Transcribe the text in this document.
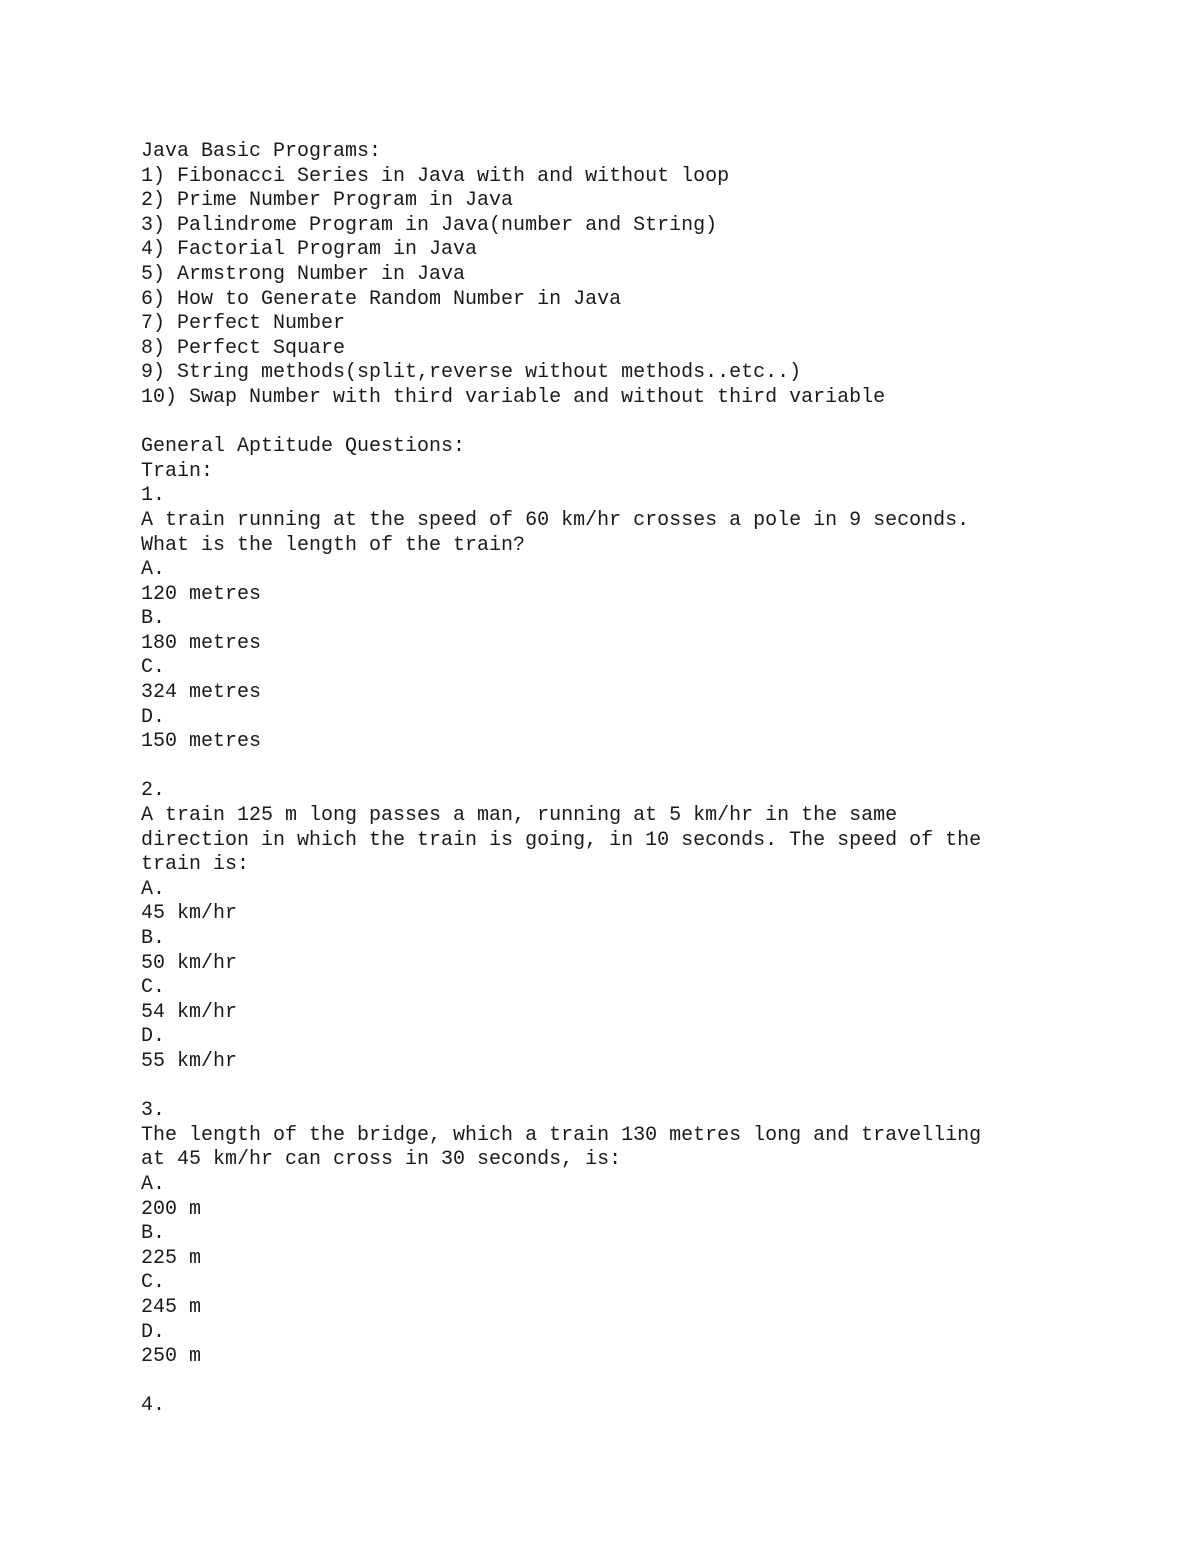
Java Basic Programs:

1) Fibonacci Series in Java with and without loop

2) Prime Number Program in Java

3) Palindrome Program in Java(number and String)

4) Factorial Program in Java

5) Armstrong Number in Java

6) How to Generate Random Number in Java

7) Perfect Number

8) Perfect Square

9) String methods(split,reverse without methods..etc..)

10) Swap Number with third variable and without third variable

General Aptitude Questions:

Train:

1.

A train running at the speed of 60 km/hr crosses a pole in 9 seconds.

What is the length of the train?

A.

120 metres

B.

180 metres

C.

324 metres

D.

150 metres

2.

A train 125 m long passes a man, running at 5 km/hr in the same

direction in which the train is going, in 10 seconds. The speed of the

train is:

A.

45 km/hr

B.

50 km/hr

C.

54 km/hr

D.

55 km/hr

3.

The length of the bridge, which a train 130 metres long and travelling

at 45 km/hr can cross in 30 seconds, is:

A.

200 m

B.

225 m

C.

245 m

D.

250 m

4.
